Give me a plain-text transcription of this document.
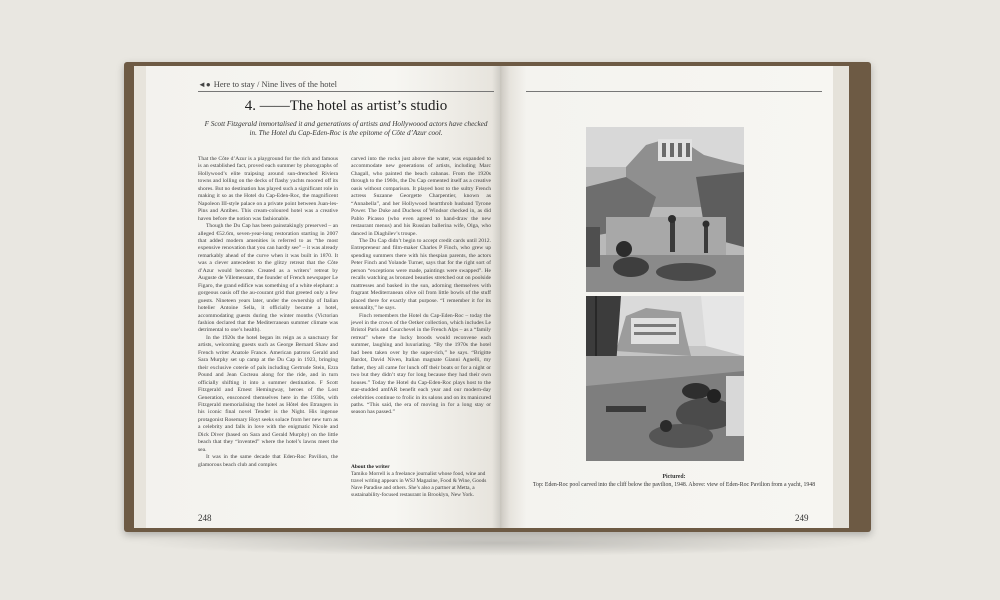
◄● Here to stay / Nine lives of the hotel
4. ——The hotel as artist’s studio
F Scott Fitzgerald immortalised it and generations of artists and Hollywoood actors have checked in. The Hotel du Cap-Eden-Roc is the epitome of Côte d’Azur cool.

That the Côte d’Azur is a playground for the rich and famous is an established fact, proved each summer by photographs of Hollywood’s elite traipsing around sun-drenched Riviera towns and lolling on the decks of flashy yachts moored off its shores. But no destination has played such a significant role in making it so as the Hotel du Cap-Eden-Roc, the magnificent Napoleon III-style palace on a private point between Juan-les-Pins and Antibes. This cream-coloured hotel was a creative haven before the notion was fashionable.

Though the Du Cap has been painstakingly preserved – an alleged €52.6m, seven-year-long restoration starting in 2007 that added modern amenities is referred to as “the most expensive renovation that you can hardly see” – it was already remarkably ahead of the curve when it was built in 1870. It was a clever antecedent to the glitzy retreat that the Côte d’Azur would become. Created as a writers’ retreat by Auguste de Villemessant, the founder of French newspaper Le Figaro, the grand edifice was something of a white elephant: a gorgeous oasis off the au-courant grid that greeted only a few guests. Nineteen years later, under the ownership of Italian hotelier Antoine Sella, it officially became a hotel, accommodating guests during the winter months (Victorian fashion declared that the Mediterranean summer climate was detrimental to one’s health).

In the 1920s the hotel began its reign as a sanctuary for artists, welcoming guests such as George Bernard Shaw and French writer Anatole France. American patrons Gerald and Sara Murphy set up camp at the Du Cap in 1923, bringing their exclusive coterie of pals including Gertrude Stein, Ezra Pound and Jean Cocteau along for the ride, and in turn officially shifting it into a summer destination. F Scott Fitzgerald and Ernest Hemingway, heroes of the Lost Generation, ensconced themselves here in the 1930s, with Fitzgerald memorialising the hotel as Hôtel des Etrangers in his iconic final novel Tender is the Night. His ingenue protagonist Rosemary Hoyt seeks solace from her new turn as a celebrity and falls in love with the enigmatic Nicole and Dick Diver (based on Sara and Gerald Murphy) on the little beach that they “invented” where the hotel’s lawns meet the sea.

It was in the same decade that Eden-Roc Pavilion, the glamorous beach club and complex

carved into the rocks just above the water, was expanded to accommodate new generations of artists, including Marc Chagall, who painted the beach cabanas. From the 1920s through to the 1960s, the Du Cap cemented itself as a creative oasis without comparison. It played host to the sultry French actress Suzanne Georgette Charpentier, known as “Annabella”, and her Hollywood heartthrob husband Tyrone Power. The Duke and Duchess of Windsor checked in, as did Pablo Picasso (who even agreed to hand-draw the new restaurant menus) and his Russian ballerina wife, Olga, who danced in Diaghilev’s troupe.

The Du Cap didn’t begin to accept credit cards until 2012. Entrepreneur and film-maker Charles P Finch, who grew up spending summers there with his thespian parents, the actors Peter Finch and Yolande Turner, says that for the right sort of person “exceptions were made, paintings were swapped”. He recalls watching as bronzed beauties stretched out on poolside mattresses and basked in the sun, adorning themselves with fragrant Mediterranean olive oil from little bowls of the stuff placed there for exactly that purpose. “I remember it for its sensuality,” he says.

Finch remembers the Hotel du Cap-Eden-Roc – today the jewel in the crown of the Oetker collection, which includes Le Bristol Paris and Courchevel in the French Alps – as a “family retreat” where the lucky broods would reconvene each summer, laughing and luxuriating. “By the 1970s the hotel had been taken over by the super-rich,” he says. “Brigitte Bardot, David Niven, Italian magnate Gianni Agnelli, my father, they all came for lunch off their boats or for a night or two but they didn’t stay for long because they had their own houses.” Today the Hotel du Cap-Eden-Roc plays host to the star-studded amfAR benefit each year and our modern-day celebrities continue to frolic in its salons and on its manicured paths. “This said, the era of moving in for a long stay or season has passed.”

About the writer
Tamiko Morrell is a freelance journalist whose food, wine and travel writing appears in WSJ Magazine, Food & Wine, Goods Nave Paradise and others. She’s also a partner at Metta, a sustainability-focused restaurant in Brooklyn, New York.
248
Pictured:
Top: Eden-Roc pool carved into the cliff below the pavilion, 1948. Above: view of Eden-Roc Pavilion from a yacht, 1948
249
